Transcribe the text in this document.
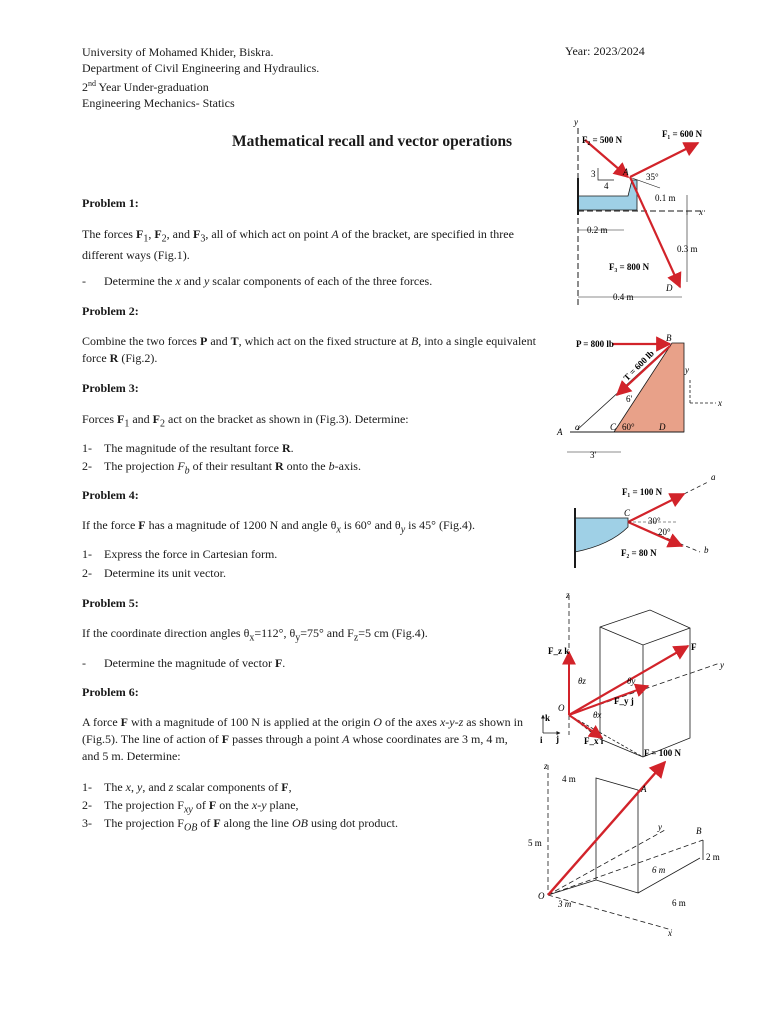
University of Mohamed Khider, Biskra.
Department of Civil Engineering and Hydraulics.
2nd Year Under-graduation
Engineering Mechanics- Statics
Year: 2023/2024
Mathematical recall and vector operations
Problem 1:
The forces $F_1$, $F_2$, and $F_3$, all of which act on point A of the bracket, are specified in three different ways (Fig.1).
- Determine the x and y scalar components of each of the three forces.
Problem 2:
Combine the two forces P and T, which act on the fixed structure at B, into a single equivalent force R (Fig.2).
Problem 3:
Forces $F_1$ and $F_2$ act on the bracket as shown in (Fig.3). Determine:
1- The magnitude of the resultant force R.
2- The projection $F_b$ of their resultant R onto the b-axis.
Problem 4:
If the force F has a magnitude of 1200 N and angle $\theta_x$ is 60° and $\theta_y$ is 45° (Fig.4).
1- Express the force in Cartesian form.
2- Determine its unit vector.
Problem 5:
If the coordinate direction angles $\theta_x=112^\circ$, $\theta_y=75^\circ$ and $F_z=5$ cm (Fig.4).
- Determine the magnitude of vector F.
Problem 6:
A force F with a magnitude of 100 N is applied at the origin O of the axes x-y-z as shown in (Fig.5). The line of action of F passes through a point A whose coordinates are 3 m, 4 m, and 5 m. Determine:
1- The x, y, and z scalar components of F,
2- The projection $F_{xy}$ of F on the x-y plane,
3- The projection $F_{OB}$ of F along the line OB using dot product.
y
x
F₂ = 500 N
F₁ = 600 N
F₃ = 800 N
3
4
A 35°
0.1 m
0.2 m
0.3 m
D
0.4 m
P = 800 lb
T = 600 lb
B
A α	C	D
6'
60°
3'
y
x
F₁ = 100 N
F₂ = 80 N
C
30°
20°
a
b
z
y
F_z k	F
θz	θy
θx
F_y j
F_x i
O
k
j
i
z
x
y
F = 100 N
4 m
A
B
5 m
2 m
6 m
6 m
O
3 m
